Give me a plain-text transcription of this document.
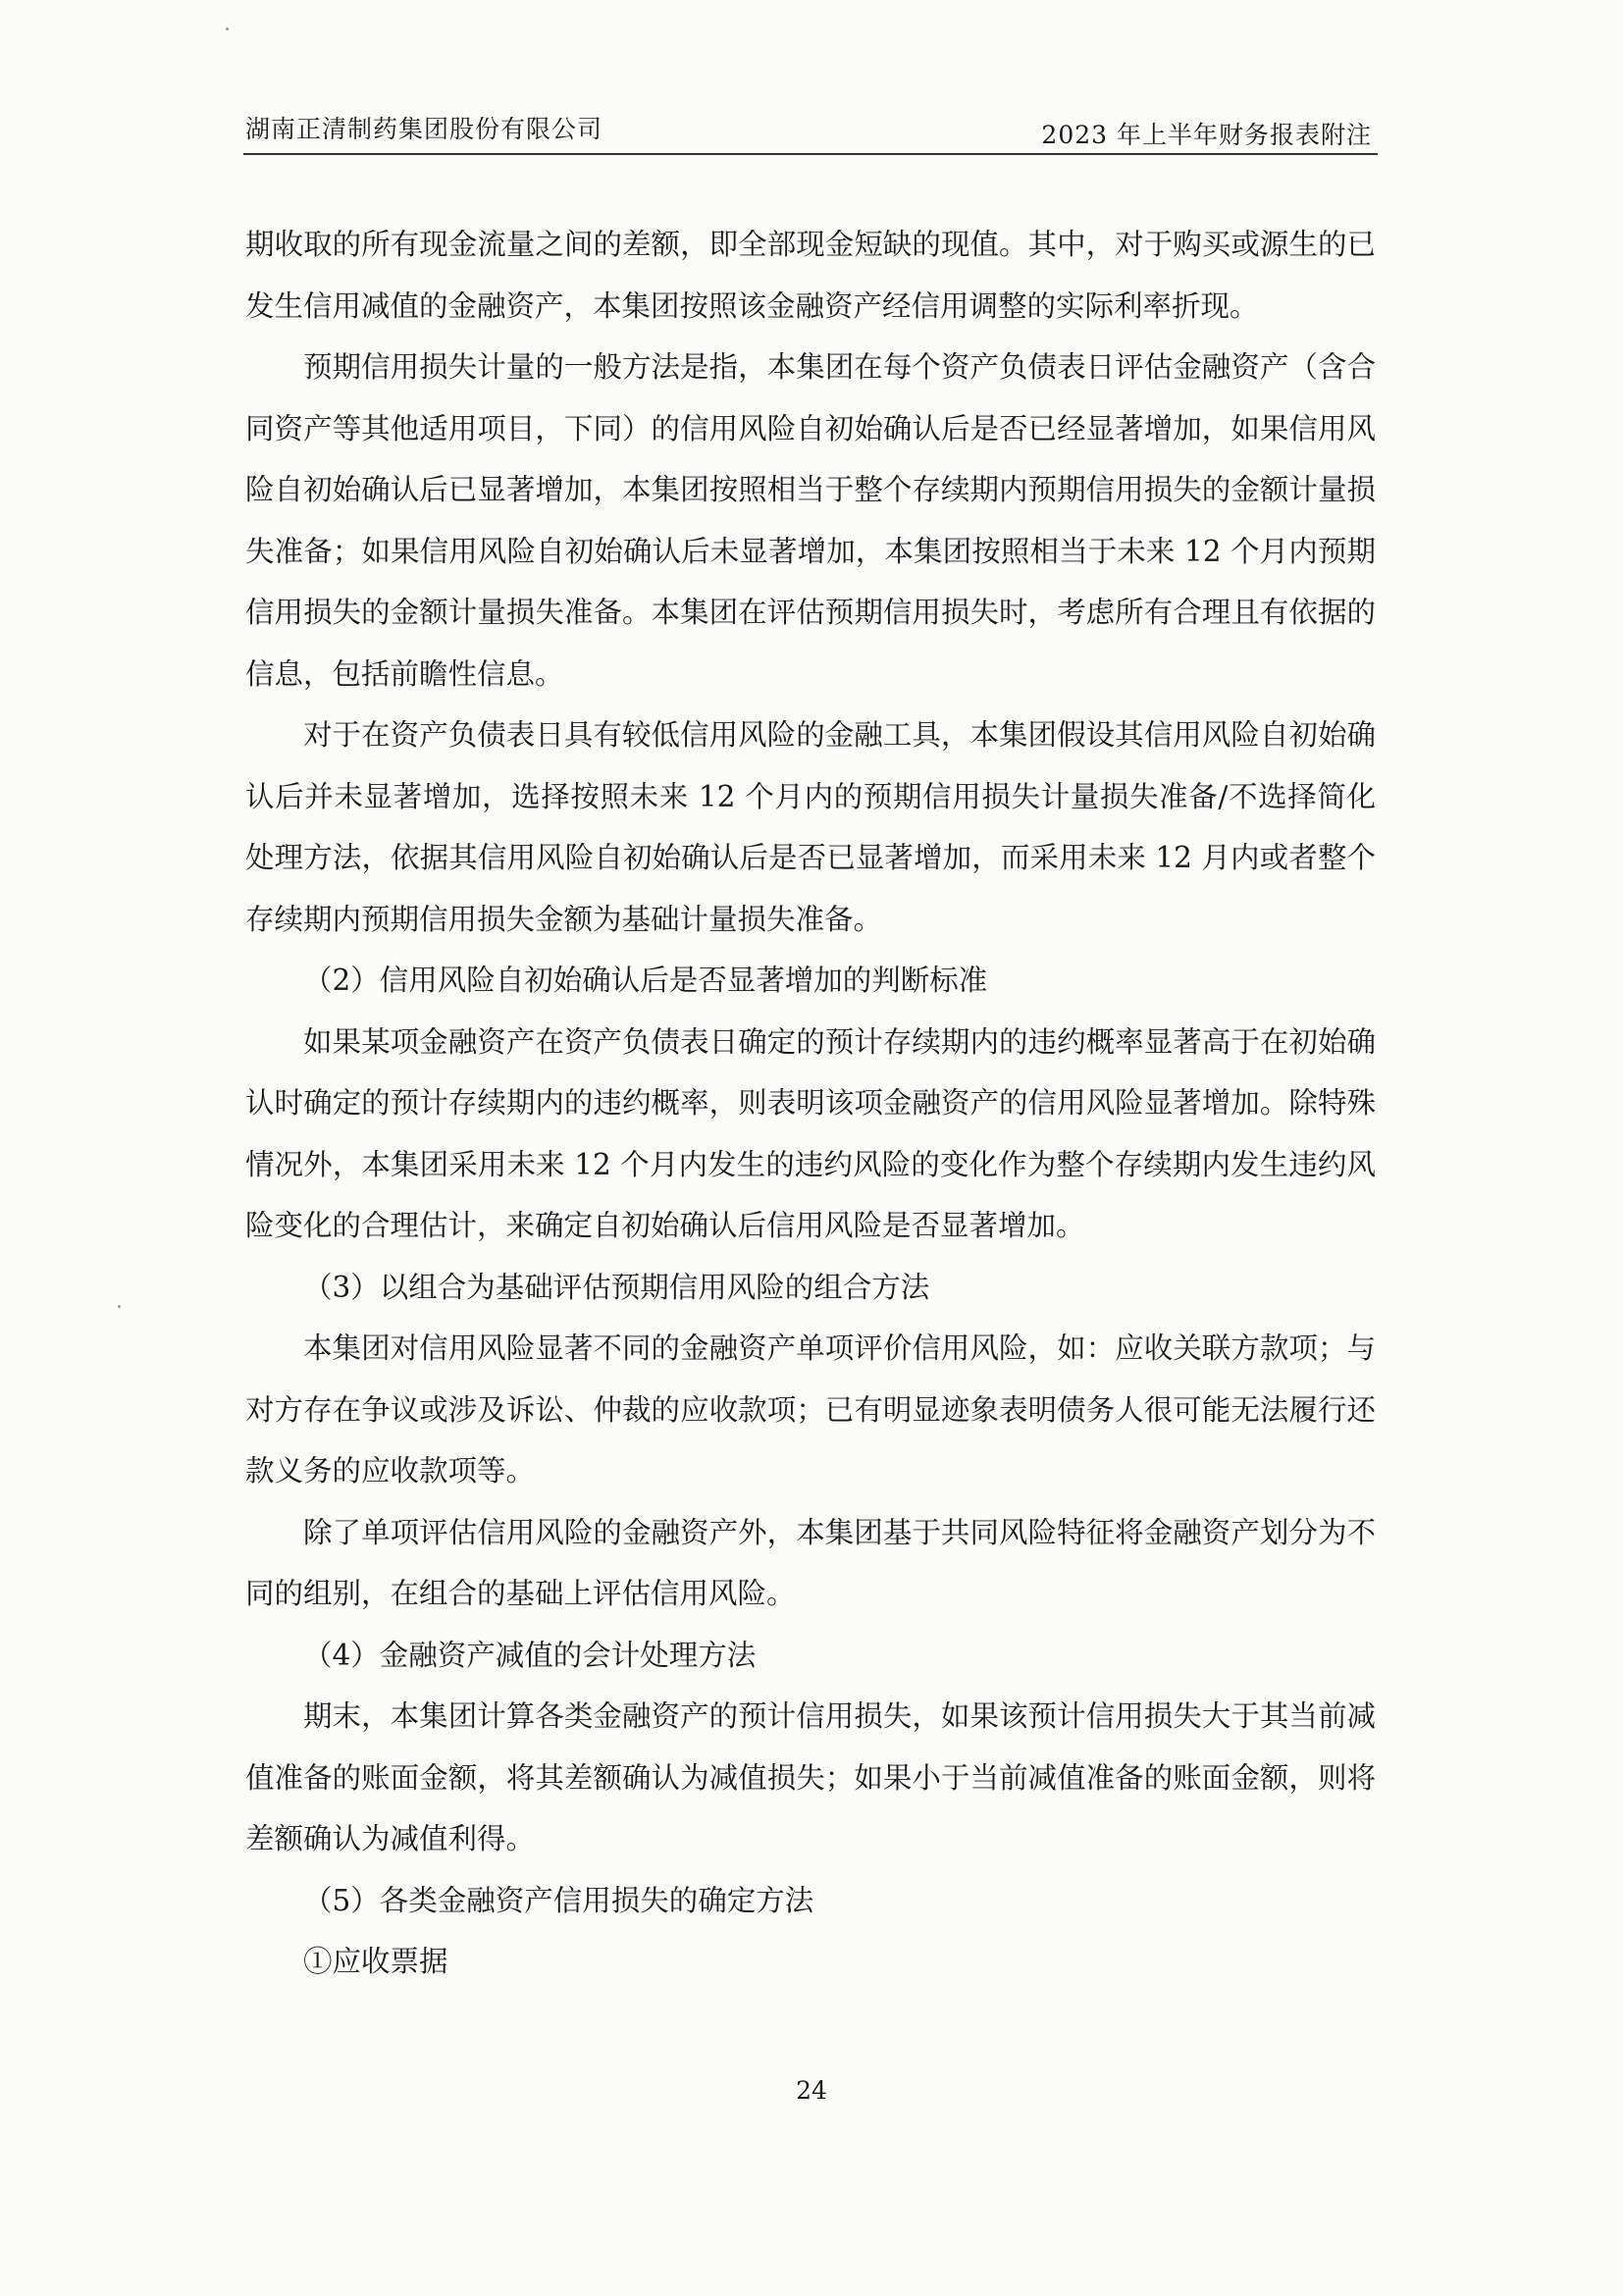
湖南正清制药集团股份有限公司	2023 年上半年财务报表附注

期收取的所有现金流量之间的差额，即全部现金短缺的现值。其中，对于购买或源生的已发生信用减值的金融资产，本集团按照该金融资产经信用调整的实际利率折现。

预期信用损失计量的一般方法是指，本集团在每个资产负债表日评估金融资产（含合同资产等其他适用项目，下同）的信用风险自初始确认后是否已经显著增加，如果信用风险自初始确认后已显著增加，本集团按照相当于整个存续期内预期信用损失的金额计量损失准备；如果信用风险自初始确认后未显著增加，本集团按照相当于未来 12 个月内预期信用损失的金额计量损失准备。本集团在评估预期信用损失时，考虑所有合理且有依据的信息，包括前瞻性信息。

对于在资产负债表日具有较低信用风险的金融工具，本集团假设其信用风险自初始确认后并未显著增加，选择按照未来 12 个月内的预期信用损失计量损失准备/不选择简化处理方法，依据其信用风险自初始确认后是否已显著增加，而采用未来 12 月内或者整个存续期内预期信用损失金额为基础计量损失准备。

（2）信用风险自初始确认后是否显著增加的判断标准

如果某项金融资产在资产负债表日确定的预计存续期内的违约概率显著高于在初始确认时确定的预计存续期内的违约概率，则表明该项金融资产的信用风险显著增加。除特殊情况外，本集团采用未来 12 个月内发生的违约风险的变化作为整个存续期内发生违约风险变化的合理估计，来确定自初始确认后信用风险是否显著增加。

（3）以组合为基础评估预期信用风险的组合方法

本集团对信用风险显著不同的金融资产单项评价信用风险，如：应收关联方款项；与对方存在争议或涉及诉讼、仲裁的应收款项；已有明显迹象表明债务人很可能无法履行还款义务的应收款项等。

除了单项评估信用风险的金融资产外，本集团基于共同风险特征将金融资产划分为不同的组别，在组合的基础上评估信用风险。

（4）金融资产减值的会计处理方法

期末，本集团计算各类金融资产的预计信用损失，如果该预计信用损失大于其当前减值准备的账面金额，将其差额确认为减值损失；如果小于当前减值准备的账面金额，则将差额确认为减值利得。

（5）各类金融资产信用损失的确定方法

①应收票据

24
